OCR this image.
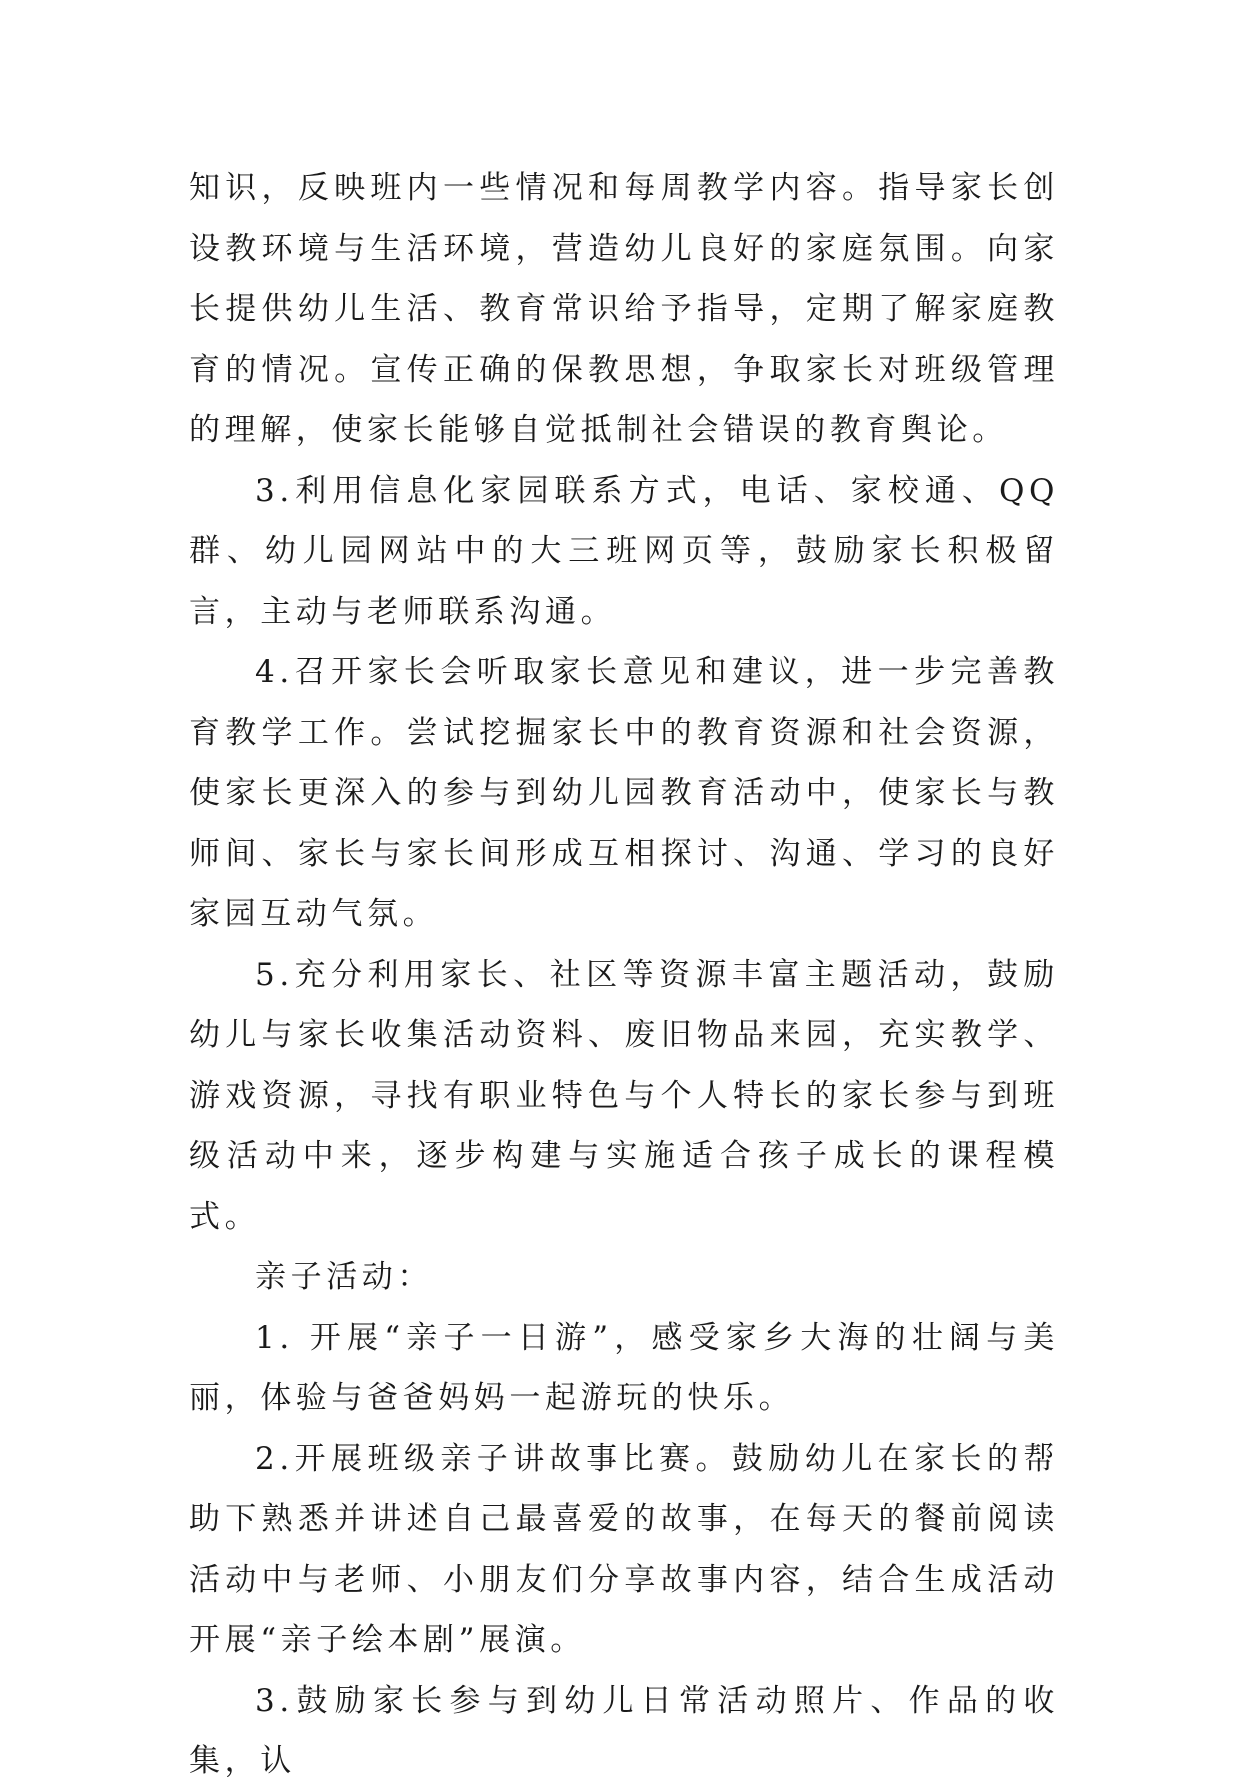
知识，反映班内一些情况和每周教学内容。指导家长创设教环境与生活环境，营造幼儿良好的家庭氛围。向家长提供幼儿生活、教育常识给予指导，定期了解家庭教育的情况。宣传正确的保教思想，争取家长对班级管理的理解，使家长能够自觉抵制社会错误的教育舆论。

3.利用信息化家园联系方式，电话、家校通、QQ群、幼儿园网站中的大三班网页等，鼓励家长积极留言，主动与老师联系沟通。

4.召开家长会听取家长意见和建议，进一步完善教育教学工作。尝试挖掘家长中的教育资源和社会资源，使家长更深入的参与到幼儿园教育活动中，使家长与教师间、家长与家长间形成互相探讨、沟通、学习的良好家园互动气氛。

5.充分利用家长、社区等资源丰富主题活动，鼓励幼儿与家长收集活动资料、废旧物品来园，充实教学、游戏资源，寻找有职业特色与个人特长的家长参与到班级活动中来，逐步构建与实施适合孩子成长的课程模式。

亲子活动：

1. 开展“亲子一日游”，感受家乡大海的壮阔与美丽，体验与爸爸妈妈一起游玩的快乐。

2.开展班级亲子讲故事比赛。鼓励幼儿在家长的帮助下熟悉并讲述自己最喜爱的故事，在每天的餐前阅读活动中与老师、小朋友们分享故事内容，结合生成活动开展“亲子绘本剧”展演。

3.鼓励家长参与到幼儿日常活动照片、作品的收集，认
